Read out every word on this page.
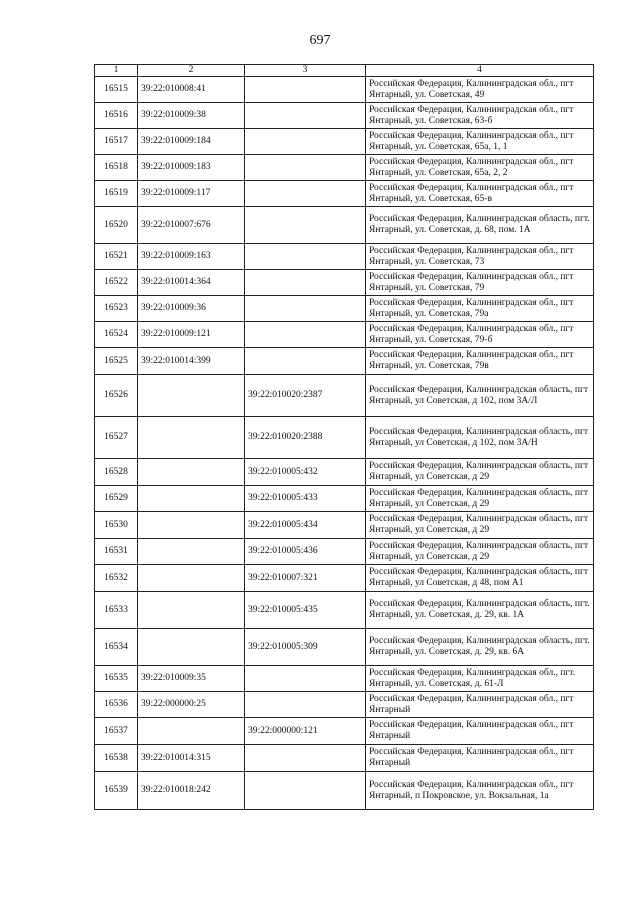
697
1	2	3	4
16515	39:22:010008:41		Российская Федерация, Калининградская обл., пгт Янтарный, ул. Советская, 49
16516	39:22:010009:38		Российская Федерация, Калининградская обл., пгт Янтарный, ул. Советская, 63-б
16517	39:22:010009:184		Российская Федерация, Калининградская обл., пгт Янтарный, ул. Советская, 65а, 1, 1
16518	39:22:010009:183		Российская Федерация, Калининградская обл., пгт Янтарный, ул. Советская, 65а, 2, 2
16519	39:22:010009:117		Российская Федерация, Калининградская обл., пгт Янтарный, ул. Советская, 65-в
16520	39:22:010007:676		Российская Федерация, Калининградская область, пгт. Янтарный, ул. Советская, д. 68, пом. 1А
16521	39:22:010009:163		Российская Федерация, Калининградская обл., пгт Янтарный, ул. Советская, 73
16522	39:22:010014:364		Российская Федерация, Калининградская обл., пгт Янтарный, ул. Советская, 79
16523	39:22:010009:36		Российская Федерация, Калининградская обл., пгт Янтарный, ул. Советская, 79а
16524	39:22:010009:121		Российская Федерация, Калининградская обл., пгт Янтарный, ул. Советская, 79-б
16525	39:22:010014:399		Российская Федерация, Калининградская обл., пгт Янтарный, ул. Советская, 79в
16526		39:22:010020:2387	Российская Федерация, Калининградская область, пгт Янтарный, ул Советская, д 102, пом 3А/Л
16527		39:22:010020:2388	Российская Федерация, Калининградская область, пгт Янтарный, ул Советская, д 102, пом 3А/Н
16528		39:22:010005:432	Российская Федерация, Калининградская область, пгт Янтарный, ул Советская, д 29
16529		39:22:010005:433	Российская Федерация, Калининградская область, пгт Янтарный, ул Советская, д 29
16530		39:22:010005:434	Российская Федерация, Калининградская область, пгт Янтарный, ул Советская, д 29
16531		39:22:010005:436	Российская Федерация, Калининградская область, пгт Янтарный, ул Советская, д 29
16532		39:22:010007:321	Российская Федерация, Калининградская область, пгт Янтарный, ул Советская, д 48, пом А1
16533		39:22:010005:435	Российская Федерация, Калининградская область, пгт. Янтарный, ул. Советская, д. 29, кв. 1А
16534		39:22:010005:309	Российская Федерация, Калининградская область, пгт. Янтарный, ул. Советская, д. 29, кв. 6А
16535	39:22:010009:35		Российская Федерация, Калининградская обл., пгт. Янтарный, ул. Советская, д. 61-Л
16536	39:22:000000:25		Российская Федерация, Калининградская обл., пгт Янтарный
16537		39:22:000000:121	Российская Федерация, Калининградская обл., пгт Янтарный
16538	39:22:010014:315		Российская Федерация, Калининградская обл., пгт Янтарный
16539	39:22:010018:242		Российская Федерация, Калининградская обл., пгт Янтарный, п Покровское, ул. Вокзальная, 1а
